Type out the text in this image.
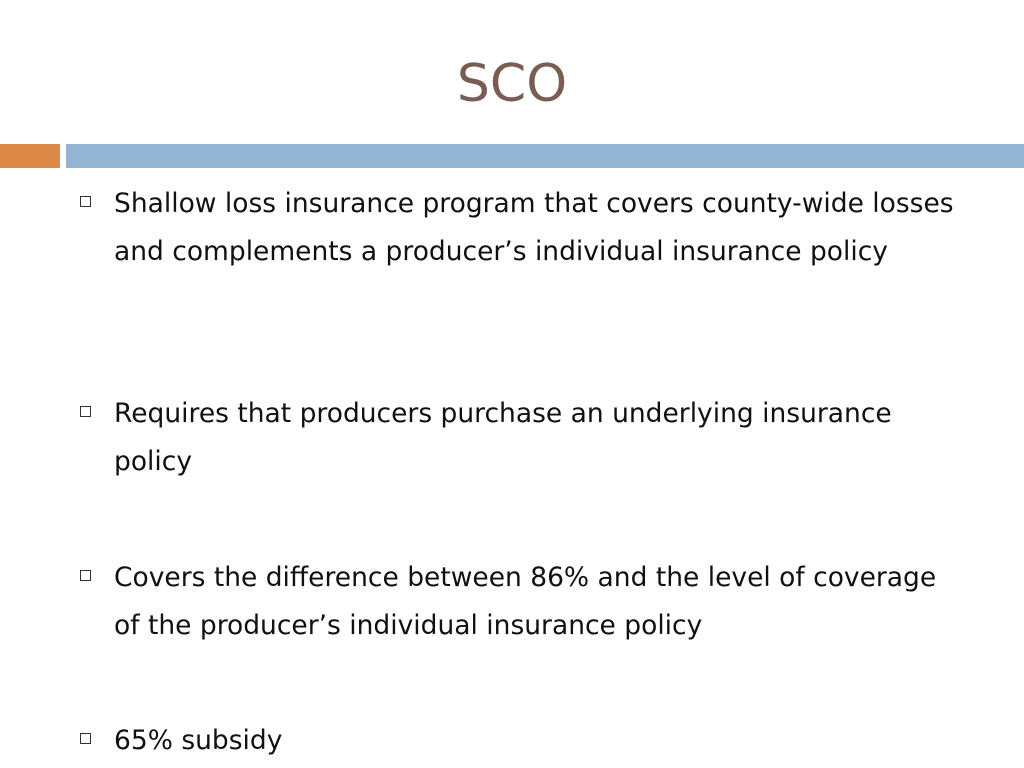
SCO
Shallow loss insurance program that covers county-wide losses and complements a producer’s individual insurance policy
Requires that producers purchase an underlying insurance policy
Covers the difference between 86% and the level of coverage of the producer’s individual insurance policy
65% subsidy
